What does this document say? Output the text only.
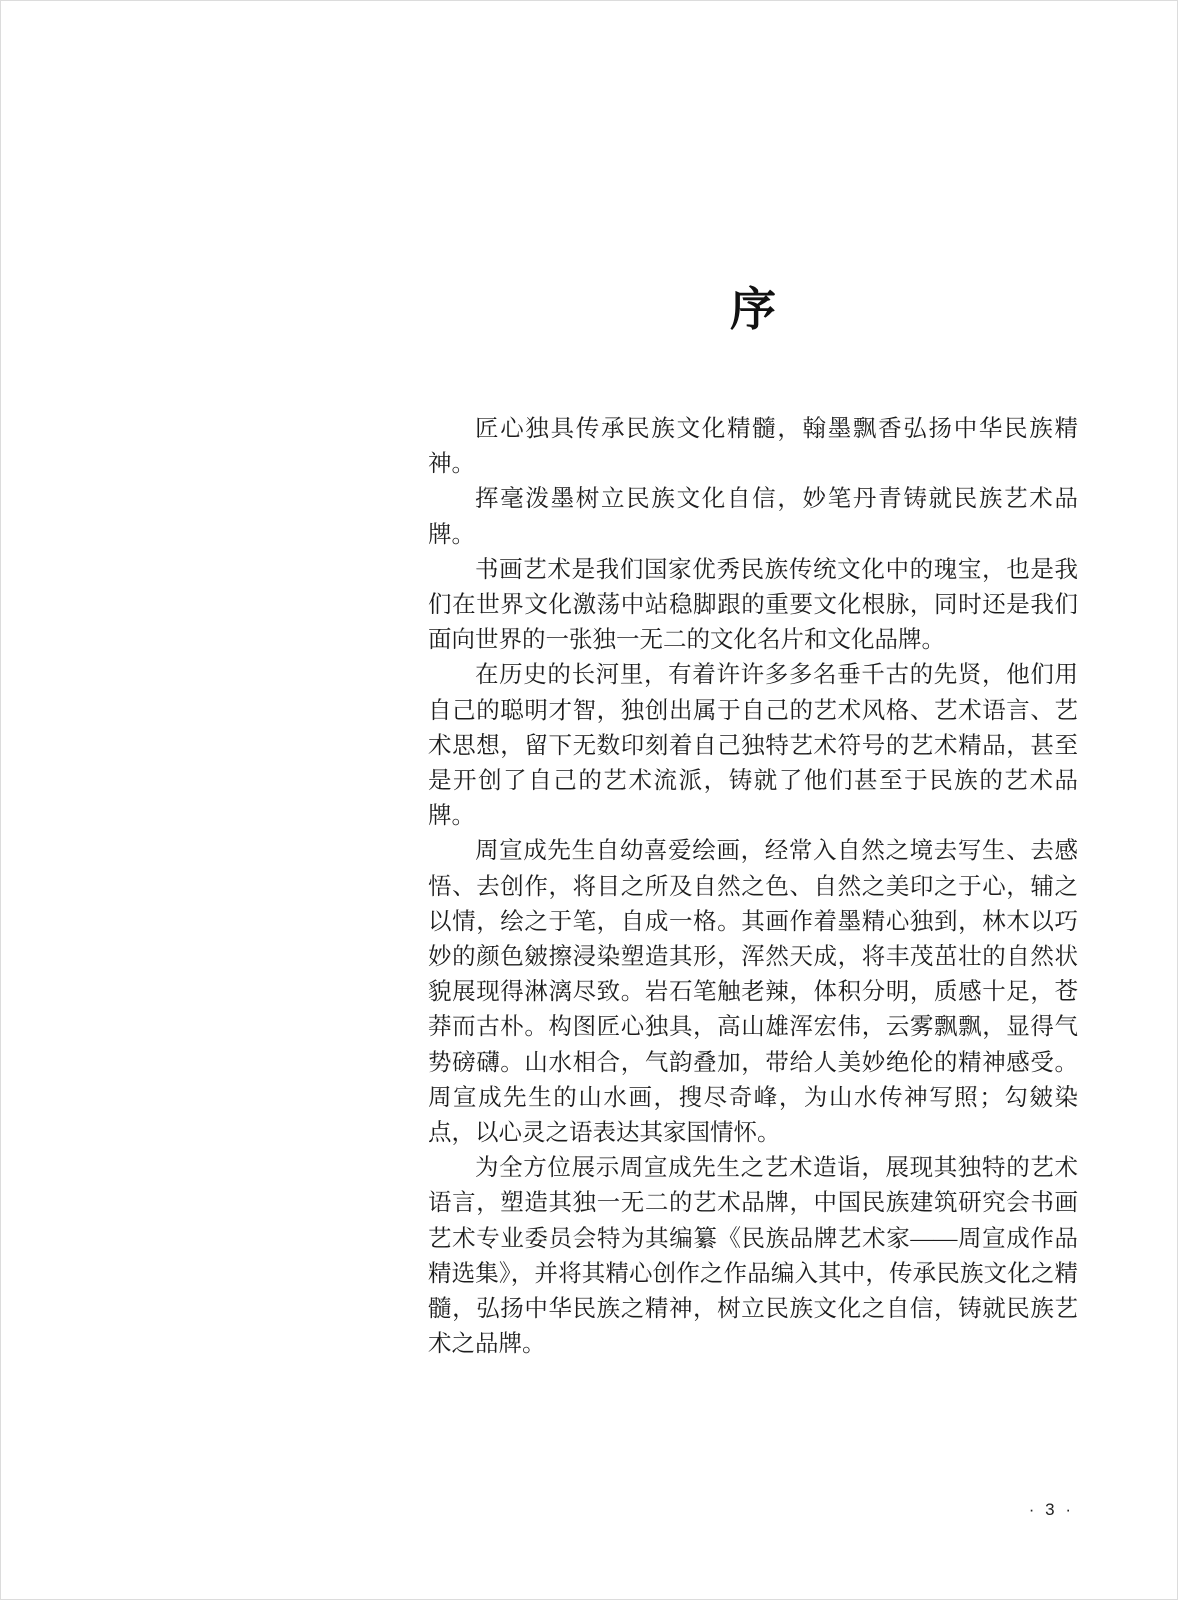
序

匠心独具传承民族文化精髓，翰墨飘香弘扬中华民族精神。

挥毫泼墨树立民族文化自信，妙笔丹青铸就民族艺术品牌。

书画艺术是我们国家优秀民族传统文化中的瑰宝，也是我们在世界文化激荡中站稳脚跟的重要文化根脉，同时还是我们面向世界的一张独一无二的文化名片和文化品牌。

在历史的长河里，有着许许多多名垂千古的先贤，他们用自己的聪明才智，独创出属于自己的艺术风格、艺术语言、艺术思想，留下无数印刻着自己独特艺术符号的艺术精品，甚至是开创了自己的艺术流派，铸就了他们甚至于民族的艺术品牌。

周宣成先生自幼喜爱绘画，经常入自然之境去写生、去感悟、去创作，将目之所及自然之色、自然之美印之于心，辅之以情，绘之于笔，自成一格。其画作着墨精心独到，林木以巧妙的颜色皴擦浸染塑造其形，浑然天成，将丰茂茁壮的自然状貌展现得淋漓尽致。岩石笔触老辣，体积分明，质感十足，苍莽而古朴。构图匠心独具，高山雄浑宏伟，云雾飘飘，显得气势磅礴。山水相合，气韵叠加，带给人美妙绝伦的精神感受。周宣成先生的山水画，搜尽奇峰，为山水传神写照；勾皴染点，以心灵之语表达其家国情怀。

为全方位展示周宣成先生之艺术造诣，展现其独特的艺术语言，塑造其独一无二的艺术品牌，中国民族建筑研究会书画艺术专业委员会特为其编纂《民族品牌艺术家——周宣成作品精选集》，并将其精心创作之作品编入其中，传承民族文化之精髓，弘扬中华民族之精神，树立民族文化之自信，铸就民族艺术之品牌。

· 3 ·
